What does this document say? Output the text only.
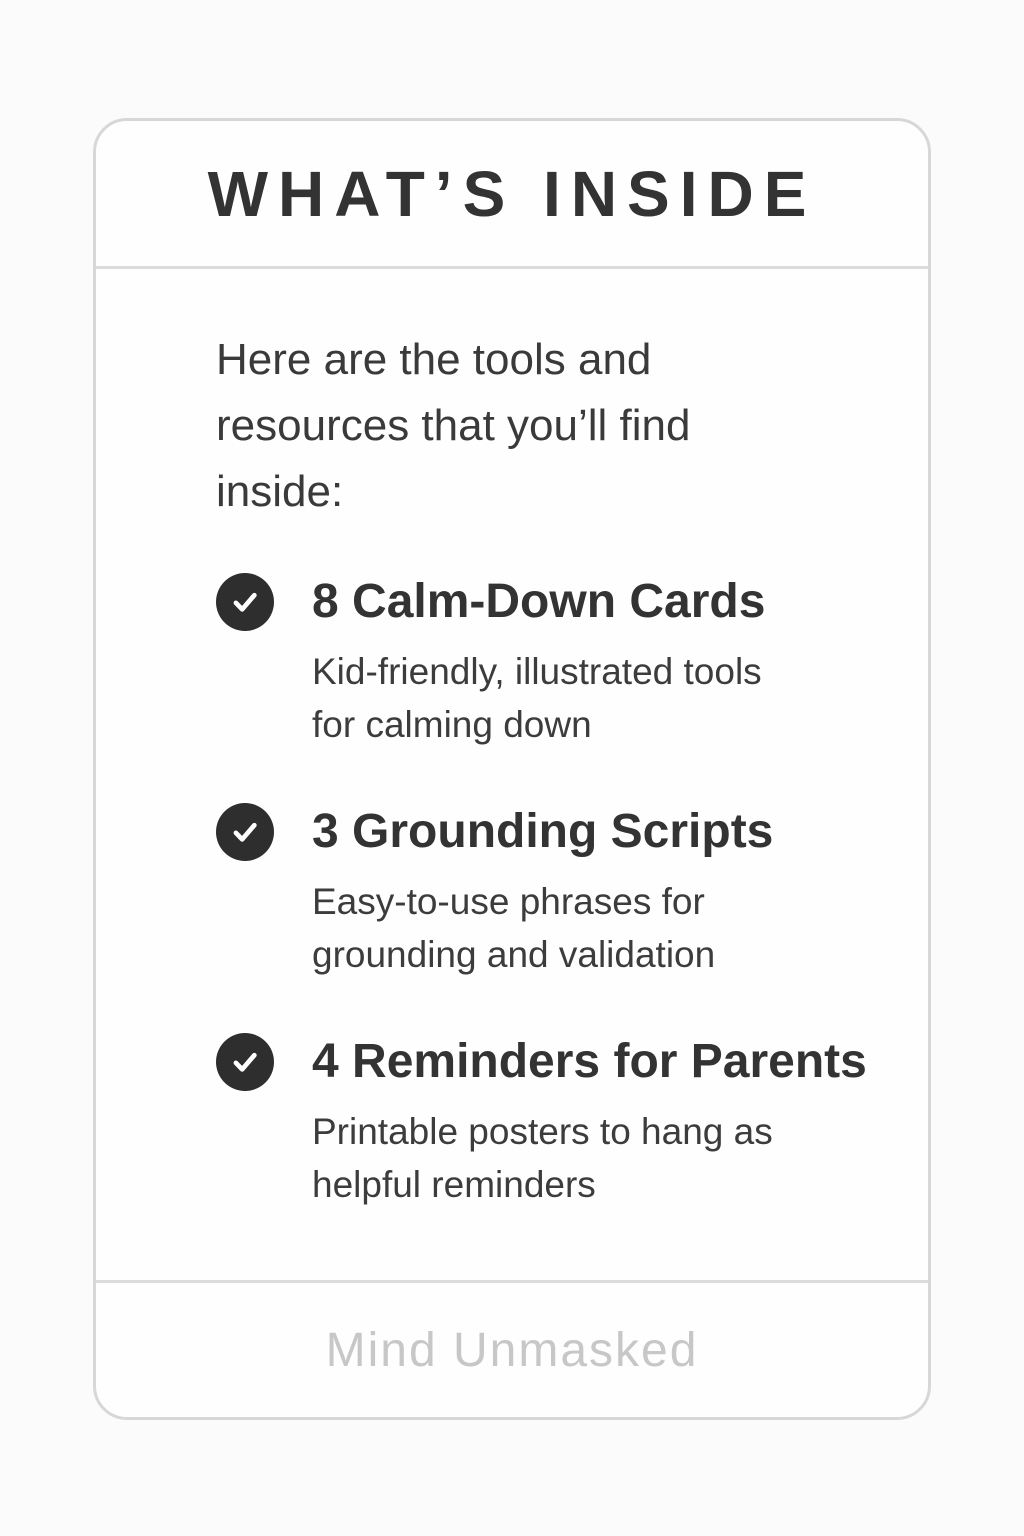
WHAT’S INSIDE
Here are the tools and
resources that you’ll find
inside:
8 Calm-Down Cards
Kid-friendly, illustrated tools
for calming down
3 Grounding Scripts
Easy-to-use phrases for
grounding and validation
4 Reminders for Parents
Printable posters to hang as
helpful reminders
Mind Unmasked
